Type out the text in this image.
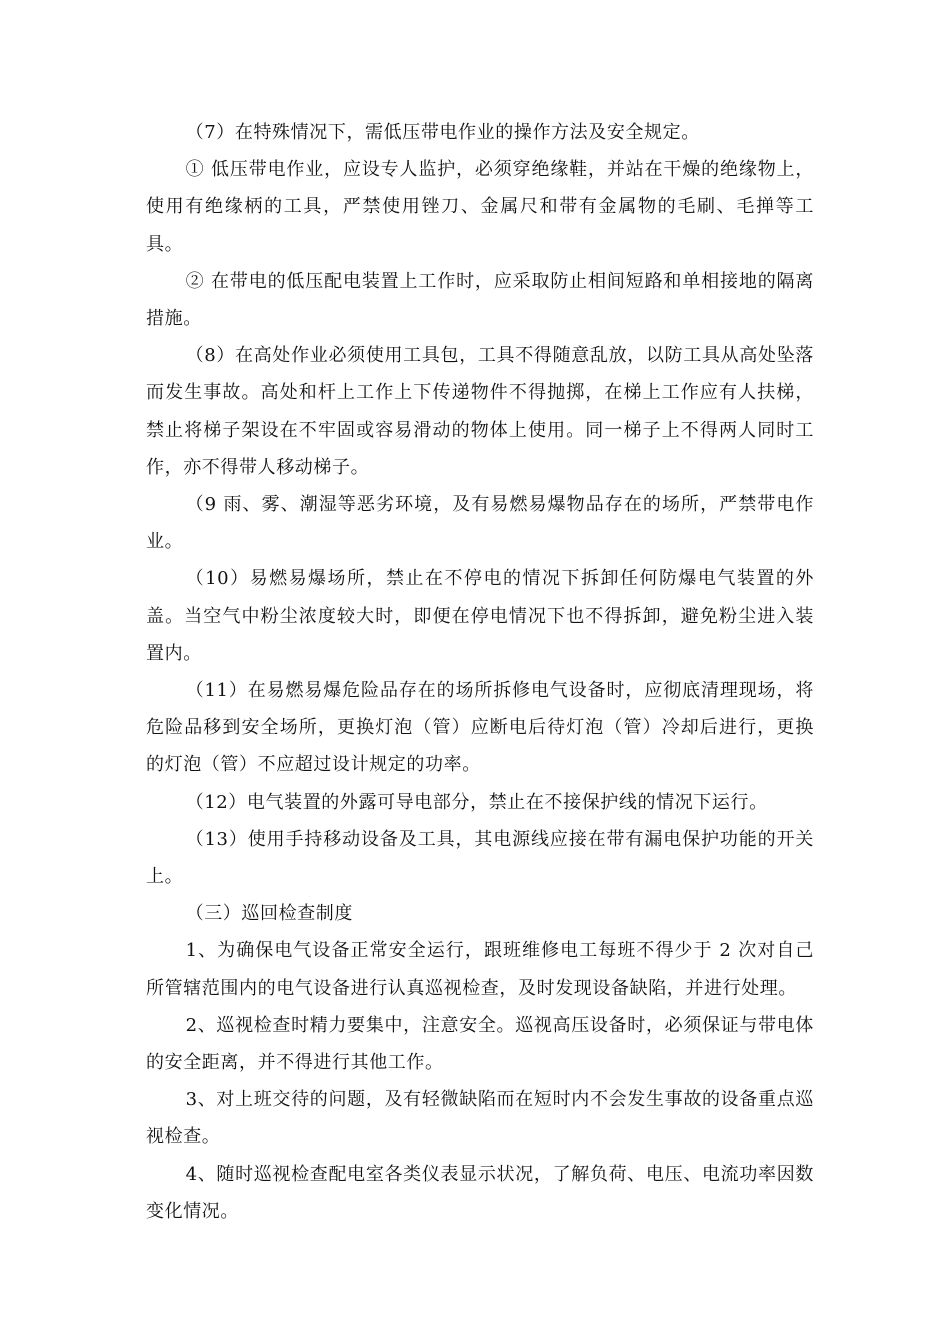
（7）在特殊情况下，需低压带电作业的操作方法及安全规定。

① 低压带电作业，应设专人监护，必须穿绝缘鞋，并站在干燥的绝缘物上，使用有绝缘柄的工具，严禁使用锉刀、金属尺和带有金属物的毛刷、毛掸等工具。

② 在带电的低压配电装置上工作时，应采取防止相间短路和单相接地的隔离措施。

（8）在高处作业必须使用工具包，工具不得随意乱放，以防工具从高处坠落而发生事故。高处和杆上工作上下传递物件不得抛掷，在梯上工作应有人扶梯，禁止将梯子架设在不牢固或容易滑动的物体上使用。同一梯子上不得两人同时工作，亦不得带人移动梯子。

（9 雨、雾、潮湿等恶劣环境，及有易燃易爆物品存在的场所，严禁带电作业。

（10）易燃易爆场所，禁止在不停电的情况下拆卸任何防爆电气装置的外盖。当空气中粉尘浓度较大时，即便在停电情况下也不得拆卸，避免粉尘进入装置内。

（11）在易燃易爆危险品存在的场所拆修电气设备时，应彻底清理现场，将危险品移到安全场所，更换灯泡（管）应断电后待灯泡（管）冷却后进行，更换的灯泡（管）不应超过设计规定的功率。

（12）电气装置的外露可导电部分，禁止在不接保护线的情况下运行。

（13）使用手持移动设备及工具，其电源线应接在带有漏电保护功能的开关上。

（三）巡回检查制度

1、为确保电气设备正常安全运行，跟班维修电工每班不得少于 2 次对自己所管辖范围内的电气设备进行认真巡视检查，及时发现设备缺陷，并进行处理。

2、巡视检查时精力要集中，注意安全。巡视高压设备时，必须保证与带电体的安全距离，并不得进行其他工作。

3、对上班交待的问题，及有轻微缺陷而在短时内不会发生事故的设备重点巡视检查。

4、随时巡视检查配电室各类仪表显示状况，了解负荷、电压、电流功率因数变化情况。
